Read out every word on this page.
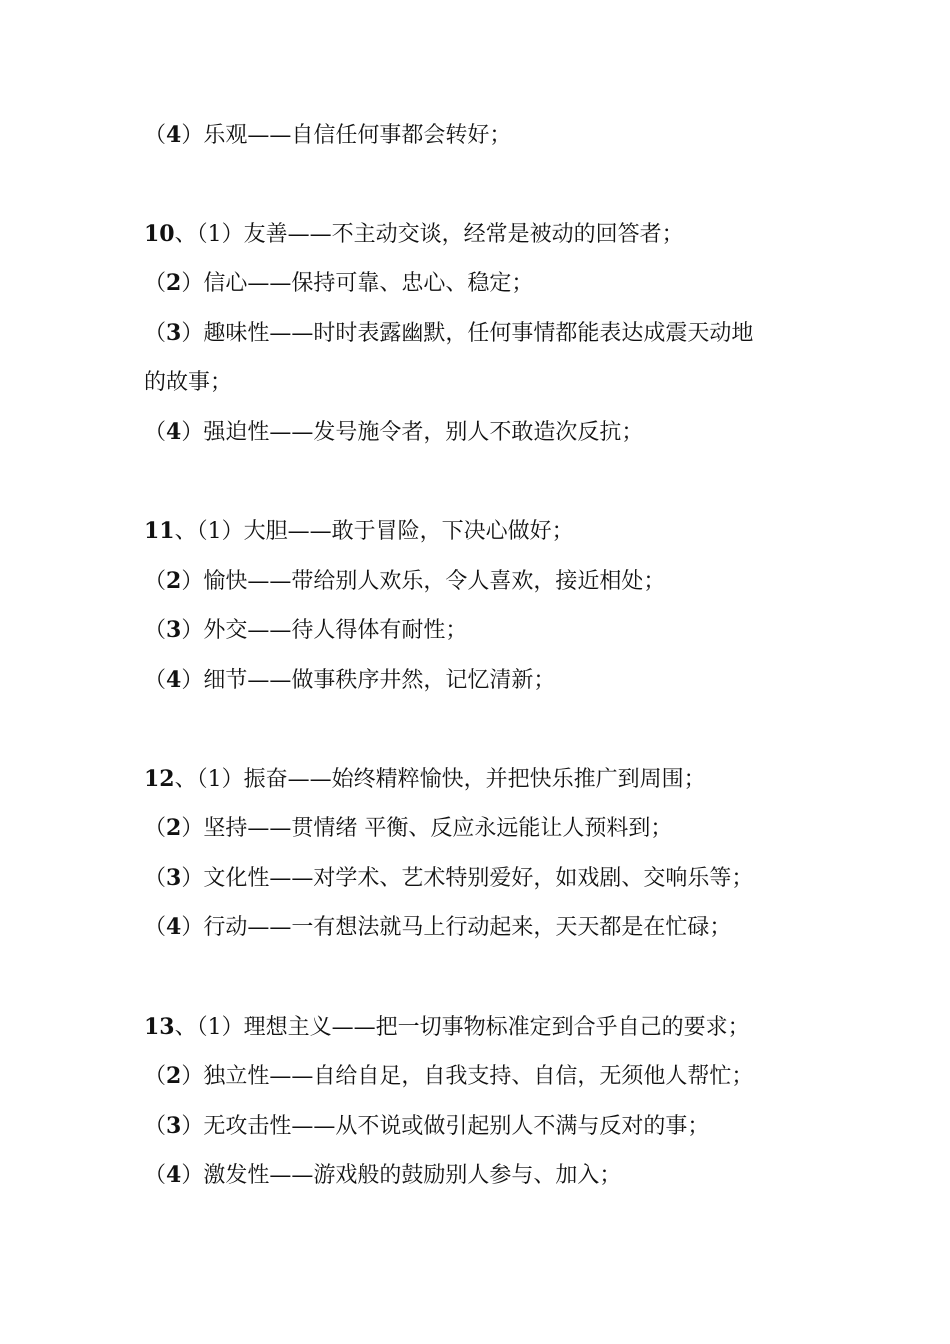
（4）乐观——自信任何事都会转好；
10、（1）友善——不主动交谈，经常是被动的回答者；
（2）信心——保持可靠、忠心、稳定；
（3）趣味性——时时表露幽默，任何事情都能表达成震天动地
的故事；
（4）强迫性——发号施令者，别人不敢造次反抗；
11、（1）大胆——敢于冒险，下决心做好；
（2）愉快——带给别人欢乐，令人喜欢，接近相处；
（3）外交——待人得体有耐性；
（4）细节——做事秩序井然，记忆清新；
12、（1）振奋——始终精粹愉快，并把快乐推广到周围；
（2）坚持——贯情绪 平衡、反应永远能让人预料到；
（3）文化性——对学术、艺术特别爱好，如戏剧、交响乐等；
（4）行动——一有想法就马上行动起来，天天都是在忙碌；
13、（1）理想主义——把一切事物标准定到合乎自己的要求；
（2）独立性——自给自足，自我支持、自信，无须他人帮忙；
（3）无攻击性——从不说或做引起别人不满与反对的事；
（4）激发性——游戏般的鼓励别人参与、加入；
